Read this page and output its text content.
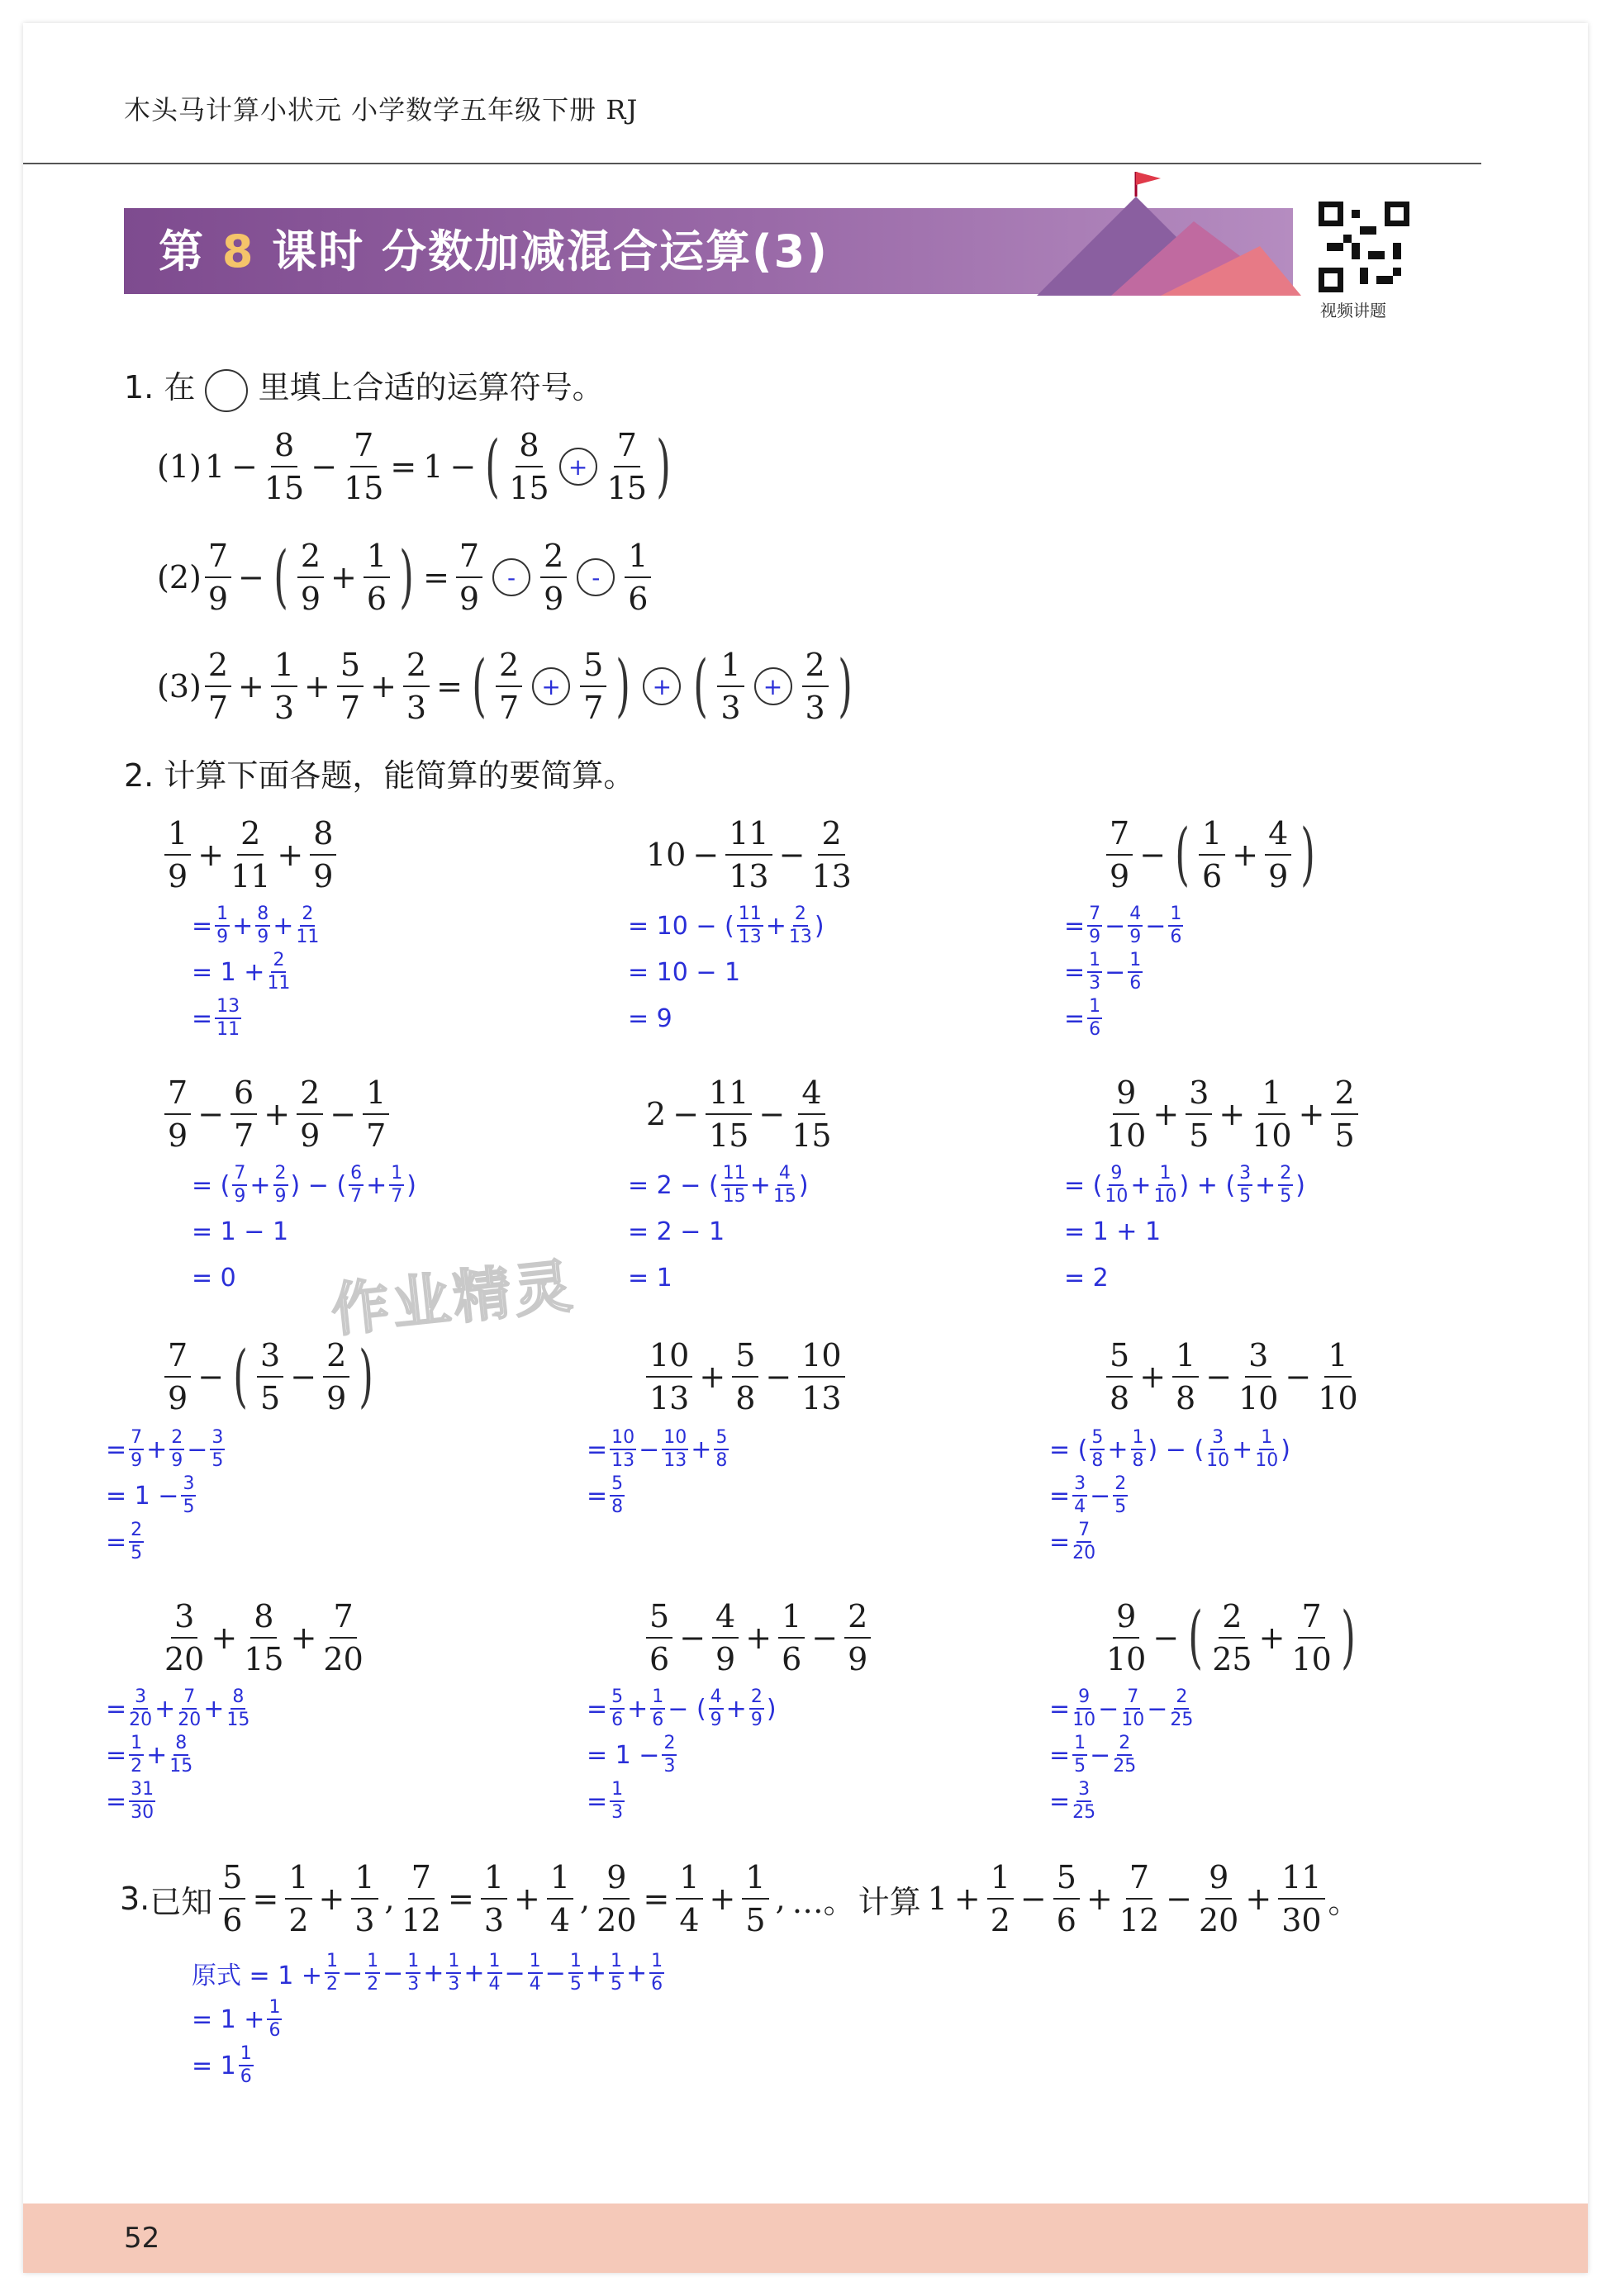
木头马计算小状元 小学数学五年级下册 RJ
第 8 课时 分数加减混合运算(3)
视频讲题
作业精灵
1. 在 里填上合适的运算符号。
(1) $1 - \frac{8}{15} - \frac{7}{15} = 1$ − ( 8
15
+ $\frac{7}{15}$ )
(2)
7
9
− ( 2
9
+ $\frac{1}{6}$ ) = $\frac{7}{9}$	-
2
9
-
1
6
(3)
2
7
+ $\frac{1}{3} + \frac{5}{7} + \frac{2}{3}$ = ( 2
7
+ $\frac{5}{7}$ ) + ( 1
3
+ $\frac{2}{3}$ )
2. 计算下面各题，能简算的要简算。
1
9
+ $\frac{2}{11} + \frac{8}{9}$	$10 - \frac{11}{13} - \frac{2}{13}$	7
9
− ( 1
6
+ $\frac{4}{9}$ )
= $\frac{1}{9} + \frac{8}{9} + \frac{2}{11}$
= $1 + \frac{2}{11}$
= $\frac{13}{11}$
= 10 − ( 11
$13 + \frac{2}{13}$ )
= 10 − 1
= 9
= $\frac{7}{9} - \frac{4}{9} - \frac{1}{6}$
= $\frac{1}{3} - \frac{1}{6}$
= $\frac{1}{6}$
7
9
− $\frac{6}{7} + \frac{2}{9} - \frac{1}{7}$	$2 - \frac{11}{15} - \frac{4}{15}$	9
10
+ $\frac{3}{5} + \frac{1}{10} + \frac{2}{5}$
= ( 7
$9 + \frac{2}{9}$ ) − ( 6
$7 + \frac{1}{7}$ )
= 1 − 1
= 0
= 2 − ( 11
$15 + \frac{4}{15}$ )
= 2 − 1
= 1
= ( 9
$10 + \frac{1}{10}$ ) + ( 3
$5 + \frac{2}{5}$ )
= 1 + 1
= 2
7
9
− ( 3
5
− $\frac{2}{9}$ )	10
13
+ $\frac{5}{8} - \frac{10}{13}$	5
8
+ $\frac{1}{8} - \frac{3}{10} - \frac{1}{10}$
= $\frac{7}{9} + \frac{2}{9} - \frac{3}{5}$
= $1 - \frac{3}{5}$
= $\frac{2}{5}$
= $\frac{10}{13} - \frac{10}{13} + \frac{5}{8}$
= $\frac{5}{8}$
= ( 5
$8 + \frac{1}{8}$ ) − ( 3
$10 + \frac{1}{10}$ )
= $\frac{3}{4} - \frac{2}{5}$
= $\frac{7}{20}$
3
20
+ $\frac{8}{15} + \frac{7}{20}$	5
6
− $\frac{4}{9} + \frac{1}{6} - \frac{2}{9}$	9
10
− ( 2
25
+ $\frac{7}{10}$ )
= $\frac{3}{20} + \frac{7}{20} + \frac{8}{15}$
= $\frac{1}{2} + \frac{8}{15}$
= $\frac{31}{30}$
= $\frac{5}{6} + \frac{1}{6}$ − ( 4
$9 + \frac{2}{9}$ )
= $1 - \frac{2}{3}$
= $\frac{1}{3}$
= $\frac{9}{10} - \frac{7}{10} - \frac{2}{25}$
= $\frac{1}{5} - \frac{2}{25}$
= $\frac{3}{25}$
3. 已知 $\frac{5}{6} = \frac{1}{2} + \frac{1}{3}$ , $\frac{7}{12} = \frac{1}{3} + \frac{1}{4}$ , $\frac{9}{20} = \frac{1}{4} + \frac{1}{5}$ , …。 计算 $1 + \frac{1}{2} - \frac{5}{6} + \frac{7}{12} - \frac{9}{20} + \frac{11}{30}$ 。
原式 = $1 + \frac{1}{2} - \frac{1}{2} - \frac{1}{3} + \frac{1}{3} + \frac{1}{4} - \frac{1}{4} - \frac{1}{5} + \frac{1}{5} + \frac{1}{6}$
= $1 + \frac{1}{6}$
= 1 1
6
52
